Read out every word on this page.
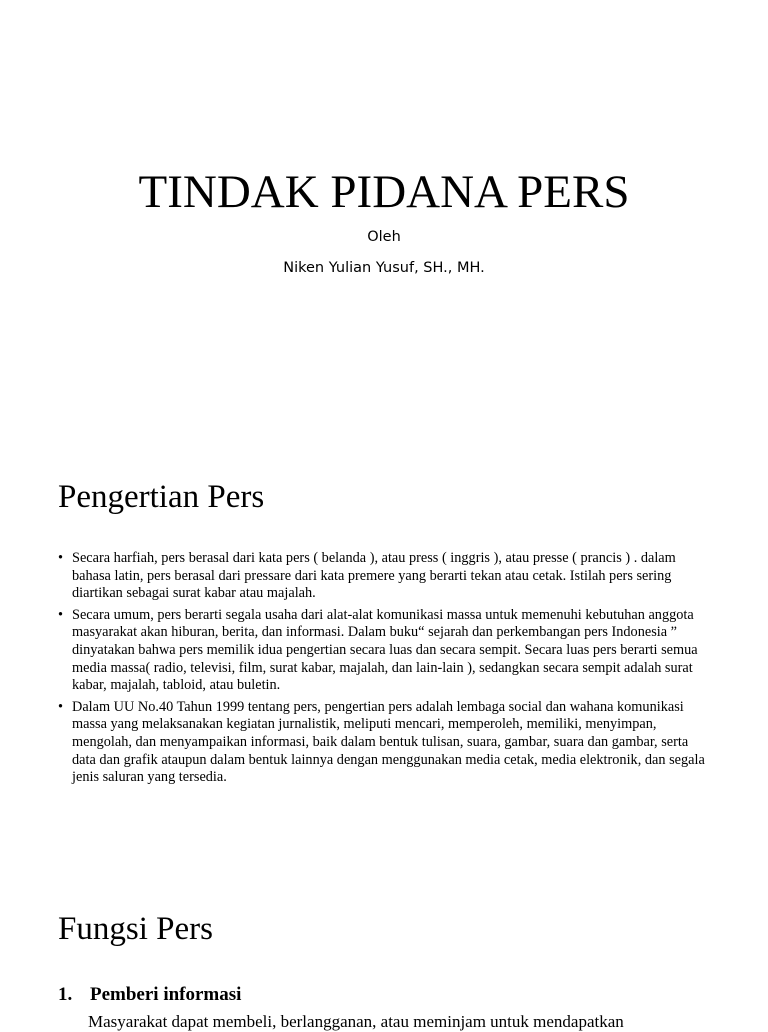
TINDAK PIDANA PERS

Oleh

Niken Yulian Yusuf, SH., MH.

Pengertian Pers
• Secara harfiah, pers berasal dari kata pers ( belanda ), atau press ( inggris ), atau presse ( prancis ) . dalam bahasa latin, pers berasal dari pressare dari kata premere yang berarti tekan atau cetak. Istilah pers sering diartikan sebagai surat kabar atau majalah.
• Secara umum, pers berarti segala usaha dari alat-alat komunikasi massa untuk memenuhi kebutuhan anggota masyarakat akan hiburan, berita, dan informasi. Dalam buku“ sejarah dan perkembangan pers Indonesia ” dinyatakan bahwa pers memilik idua pengertian secara luas dan secara sempit. Secara luas pers berarti semua media massa( radio, televisi, film, surat kabar, majalah, dan lain-lain ), sedangkan secara sempit adalah surat kabar, majalah, tabloid, atau buletin.
• Dalam UU No.40 Tahun 1999 tentang pers, pengertian pers adalah lembaga social dan wahana komunikasi massa yang melaksanakan kegiatan jurnalistik, meliputi mencari, memperoleh, memiliki, menyimpan, mengolah, dan menyampaikan informasi, baik dalam bentuk tulisan, suara, gambar, suara dan gambar, serta data dan grafik ataupun dalam bentuk lainnya dengan menggunakan media cetak, media elektronik, dan segala jenis saluran yang tersedia.
Fungsi Pers

1. Pemberi informasi

Masyarakat dapat membeli, berlangganan, atau meminjam untuk mendapatkan
